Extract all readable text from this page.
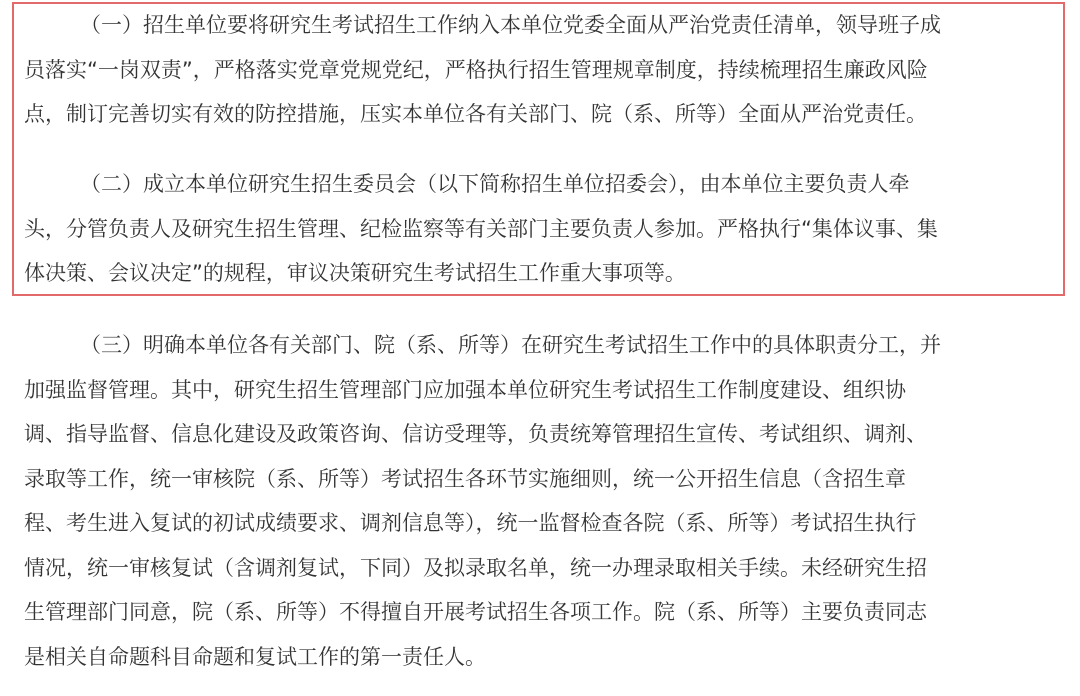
（一）招生单位要将研究生考试招生工作纳入本单位党委全面从严治党责任清单，领导班子成
员落实“一岗双责”，严格落实党章党规党纪，严格执行招生管理规章制度，持续梳理招生廉政风险
点，制订完善切实有效的防控措施，压实本单位各有关部门、院（系、所等）全面从严治党责任。
（二）成立本单位研究生招生委员会（以下简称招生单位招委会），由本单位主要负责人牵
头，分管负责人及研究生招生管理、纪检监察等有关部门主要负责人参加。严格执行“集体议事、集
体决策、会议决定”的规程，审议决策研究生考试招生工作重大事项等。
（三）明确本单位各有关部门、院（系、所等）在研究生考试招生工作中的具体职责分工，并
加强监督管理。其中，研究生招生管理部门应加强本单位研究生考试招生工作制度建设、组织协
调、指导监督、信息化建设及政策咨询、信访受理等，负责统筹管理招生宣传、考试组织、调剂、
录取等工作，统一审核院（系、所等）考试招生各环节实施细则，统一公开招生信息（含招生章
程、考生进入复试的初试成绩要求、调剂信息等），统一监督检查各院（系、所等）考试招生执行
情况，统一审核复试（含调剂复试，下同）及拟录取名单，统一办理录取相关手续。未经研究生招
生管理部门同意，院（系、所等）不得擅自开展考试招生各项工作。院（系、所等）主要负责同志
是相关自命题科目命题和复试工作的第一责任人。
